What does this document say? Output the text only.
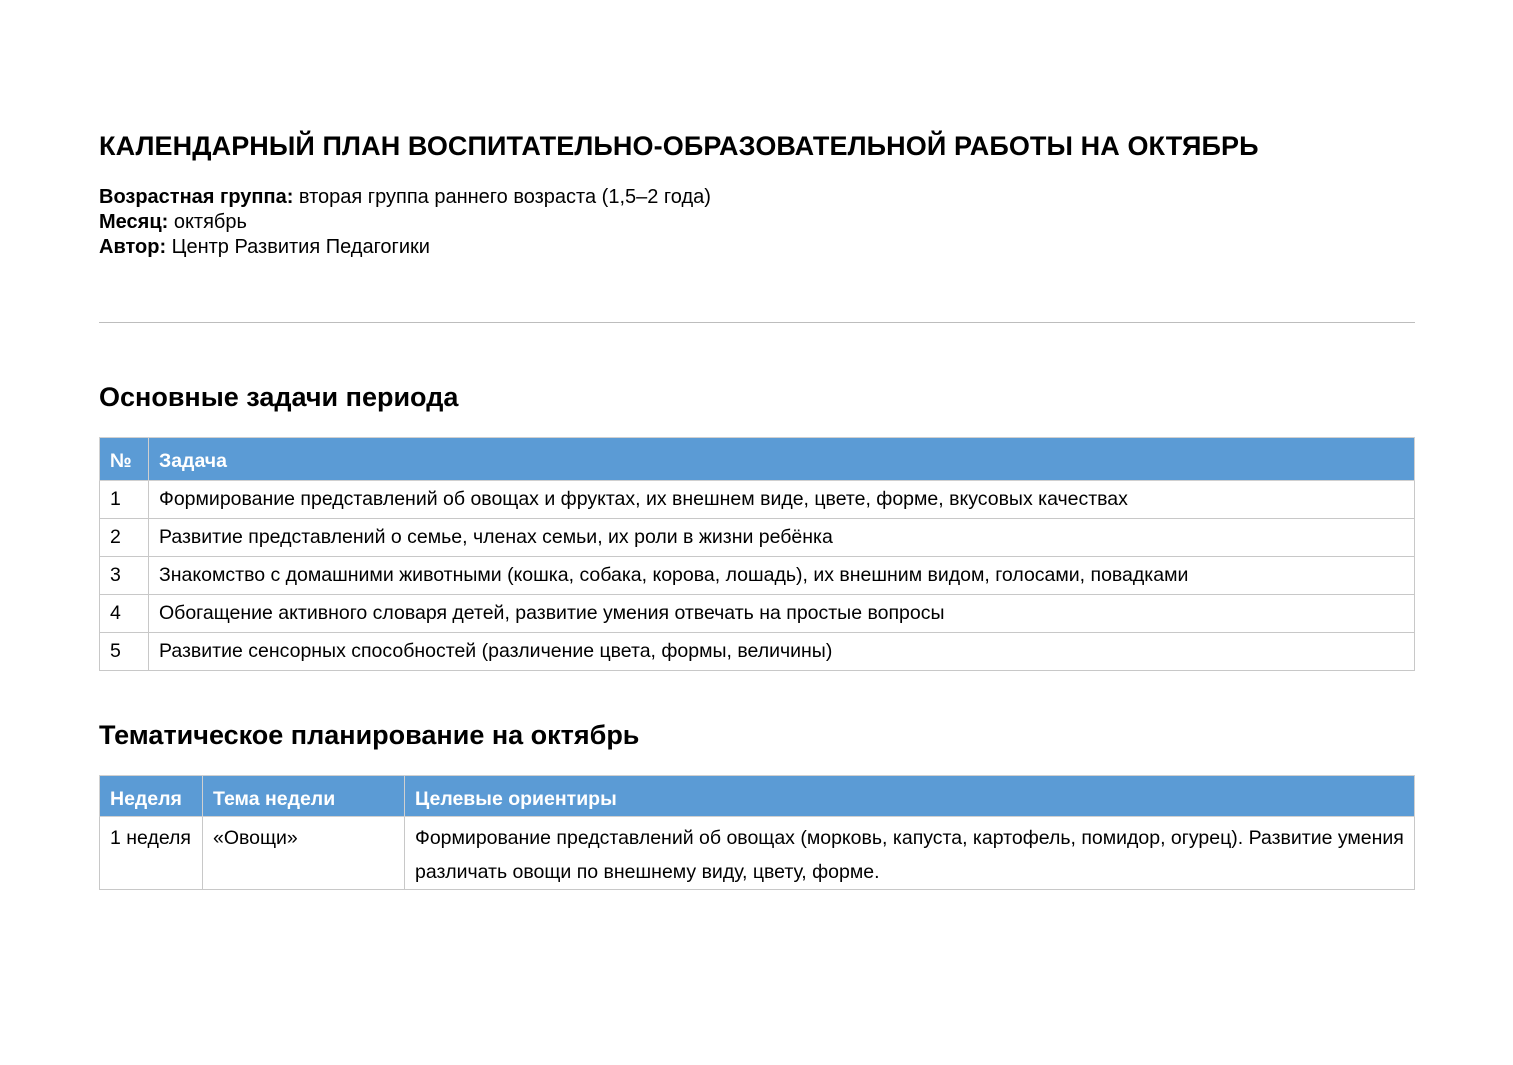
КАЛЕНДАРНЫЙ ПЛАН ВОСПИТАТЕЛЬНО-ОБРАЗОВАТЕЛЬНОЙ РАБОТЫ НА ОКТЯБРЬ
Возрастная группа: вторая группа раннего возраста (1,5–2 года)
Месяц: октябрь
Автор: Центр Развития Педагогики
Основные задачи периода
№	Задача
1	Формирование представлений об овощах и фруктах, их внешнем виде, цвете, форме, вкусовых качествах
2	Развитие представлений о семье, членах семьи, их роли в жизни ребёнка
3	Знакомство с домашними животными (кошка, собака, корова, лошадь), их внешним видом, голосами, повадками
4	Обогащение активного словаря детей, развитие умения отвечать на простые вопросы
5	Развитие сенсорных способностей (различение цвета, формы, величины)
Тематическое планирование на октябрь
Неделя	Тема недели	Целевые ориентиры
1 неделя	«Овощи»	Формирование представлений об овощах (морковь, капуста, картофель, помидор, огурец). Развитие умения различать овощи по внешнему виду, цвету, форме.
